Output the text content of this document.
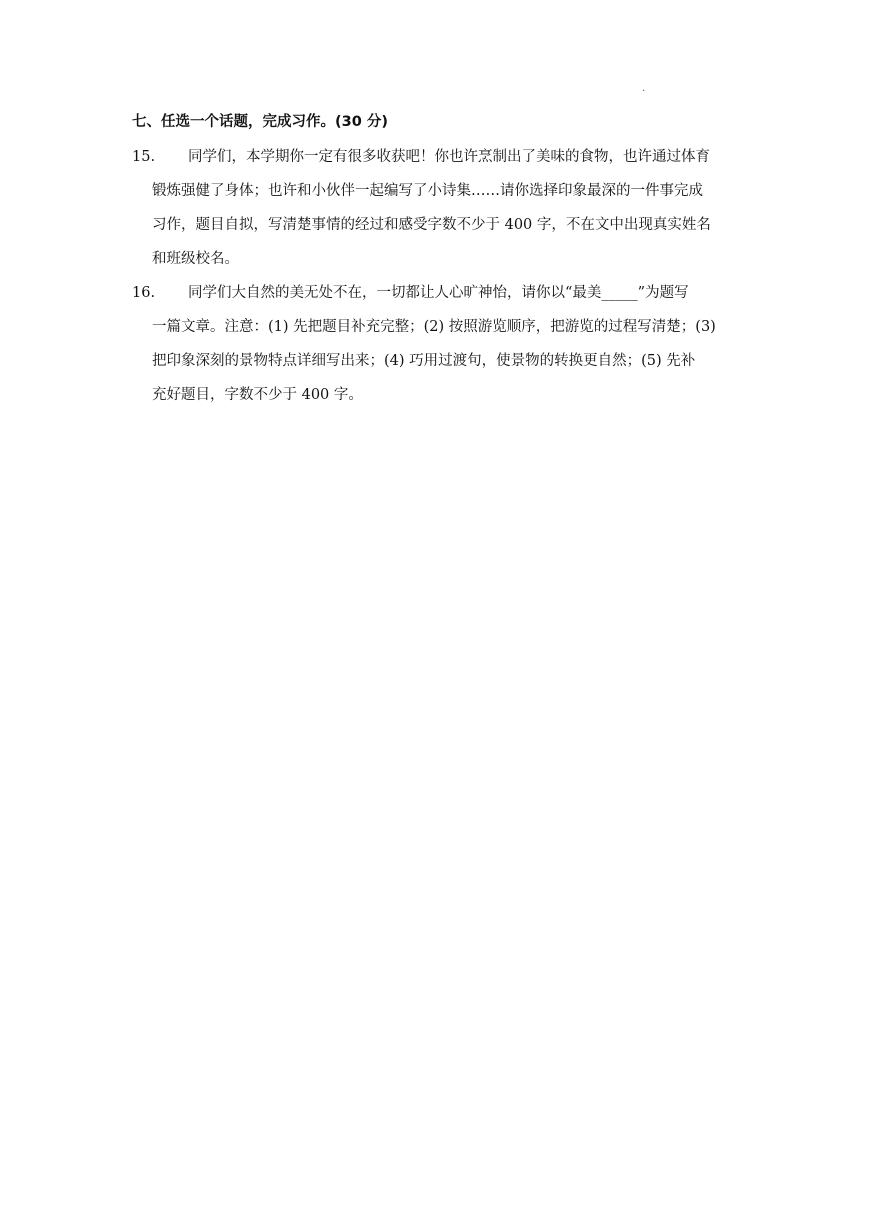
.
七、任选一个话题，完成习作。(30 分)
15. 同学们，本学期你一定有很多收获吧！你也许烹制出了美味的食物，也许通过体育
锻炼强健了身体；也许和小伙伴一起编写了小诗集……请你选择印象最深的一件事完成
习作，题目自拟，写清楚事情的经过和感受字数不少于 400 字，不在文中出现真实姓名
和班级校名。
16. 同学们大自然的美无处不在，一切都让人心旷神怡，请你以“最美_____”为题写
一篇文章。注意：(1) 先把题目补充完整；(2) 按照游览顺序，把游览的过程写清楚；(3)
把印象深刻的景物特点详细写出来；(4) 巧用过渡句，使景物的转换更自然；(5) 先补
充好题目，字数不少于 400 字。
